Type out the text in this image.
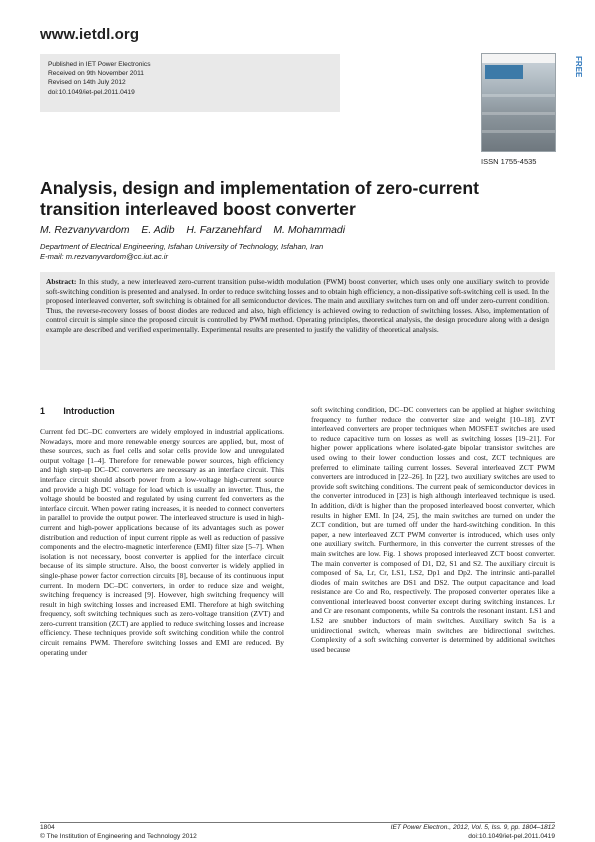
www.ietdl.org
Published in IET Power Electronics
Received on 9th November 2011
Revised on 14th July 2012
doi:10.1049/iet-pel.2011.0419
FREE
ISSN 1755-4535
Analysis, design and implementation of zero-current transition interleaved boost converter
M. Rezvanyvardom E. Adib H. Farzanehfard M. Mohammadi
Department of Electrical Engineering, Isfahan University of Technology, Isfahan, Iran
E-mail: m.rezvanyvardom@cc.iut.ac.ir
Abstract: In this study, a new interleaved zero-current transition pulse-width modulation (PWM) boost converter, which uses only one auxiliary switch to provide soft-switching condition is presented and analysed. In order to reduce switching losses and to obtain high efficiency, a non-dissipative soft-switching cell is used. In the proposed interleaved converter, soft switching is obtained for all semiconductor devices. The main and auxiliary switches turn on and off under zero-current condition. Thus, the reverse-recovery losses of boost diodes are reduced and also, high efficiency is achieved owing to reduction of switching losses. Also, implementation of control circuit is simple since the proposed circuit is controlled by PWM method. Operating principles, theoretical analysis, the design procedure along with a design example are described and verified experimentally. Experimental results are presented to justify the validity of theoretical analysis.
1 Introduction

Current fed DC–DC converters are widely employed in industrial applications. Nowadays, more and more renewable energy sources are applied, but, most of these sources, such as fuel cells and solar cells provide low and unregulated output voltage [1–4]. Therefore for renewable power sources, high efficiency and high step-up DC–DC converters are necessary as an interface circuit. This interface circuit should absorb power from a low-voltage high-current source and provide a high DC voltage for load which is usually an inverter. Thus, the voltage should be boosted and regulated by using current fed converters as the interface circuit. When power rating increases, it is needed to connect converters in parallel to provide the output power. The interleaved structure is used in high-current and high-power applications because of its advantages such as power distribution and reduction of input current ripple as well as reduction of passive components and the electro-magnetic interference (EMI) filter size [5–7]. When isolation is not necessary, boost converter is applied for the interface circuit because of its simple structure. Also, the boost converter is widely applied in single-phase power factor correction circuits [8], because of its continuous input current. In modern DC–DC converters, in order to reduce size and weight, switching frequency is increased [9]. However, high switching frequency will result in high switching losses and increased EMI. Therefore at high switching frequency, soft switching techniques such as zero-voltage transition (ZVT) and zero-current transition (ZCT) are applied to reduce switching losses and increase efficiency. These techniques provide soft switching condition while the control circuit remains PWM. Therefore switching losses and EMI are reduced. By operating under

soft switching condition, DC–DC converters can be applied at higher switching frequency to further reduce the converter size and weight [10–18]. ZVT interleaved converters are proper techniques when MOSFET switches are used to reduce capacitive turn on losses as well as switching losses [19–21]. For higher power applications where isolated-gate bipolar transistor switches are used owing to their lower conduction losses and cost, ZCT techniques are preferred to eliminate tailing current losses. Several interleaved ZCT PWM converters are introduced in [22–26]. In [22], two auxiliary switches are used to provide soft switching conditions. The current peak of semiconductor devices in the converter introduced in [23] is high although interleaved technique is used. In addition, di/dt is higher than the proposed interleaved boost converter, which results in higher EMI. In [24, 25], the main switches are turned on under the ZCT condition, but are turned off under the hard-switching condition. In this paper, a new interleaved ZCT PWM converter is introduced, which uses only one auxiliary switch. Furthermore, in this converter the current stresses of the main switches are low. Fig. 1 shows proposed interleaved ZCT boost converter. The main converter is composed of D1, D2, S1 and S2. The auxiliary circuit is composed of Sa, Lr, Cr, LS1, LS2, Dp1 and Dp2. The intrinsic anti-parallel diodes of main switches are DS1 and DS2. The output capacitance and load resistance are Co and Ro, respectively. The proposed converter operates like a conventional interleaved boost converter except during switching instances. Lr and Cr are resonant components, while Sa controls the resonant instant. LS1 and LS2 are snubber inductors of main switches. Auxiliary switch Sa is a unidirectional switch, whereas main switches are bidirectional switches. Complexity of a soft switching converter is determined by additional switches used because

1804
© The Institution of Engineering and Technology 2012
IET Power Electron., 2012, Vol. 5, Iss. 9, pp. 1804–1812
doi:10.1049/iet-pel.2011.0419
